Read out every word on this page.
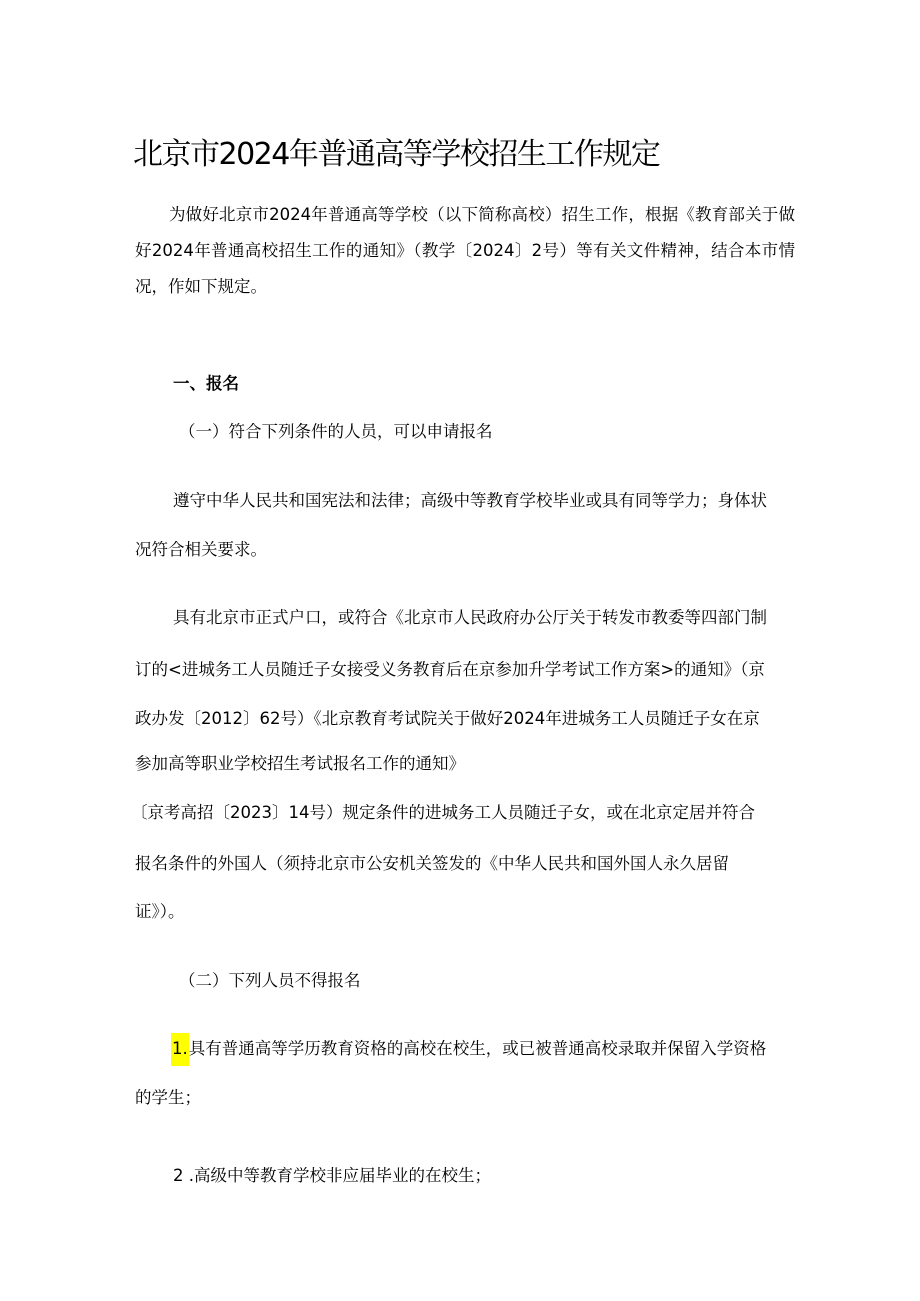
北京市2024年普通高等学校招生工作规定
为做好北京市2024年普通高等学校（以下简称高校）招生工作，根据《教育部关于做好2024年普通高校招生工作的通知》（教学〔2024〕2号）等有关文件精神，结合本市情况，作如下规定。
一、报名
（一）符合下列条件的人员，可以申请报名
遵守中华人民共和国宪法和法律；高级中等教育学校毕业或具有同等学力；身体状
况符合相关要求。
具有北京市正式户口，或符合《北京市人民政府办公厅关于转发市教委等四部门制
订的<进城务工人员随迁子女接受义务教育后在京参加升学考试工作方案>的通知》（京
政办发〔2012〕62号）《北京教育考试院关于做好2024年进城务工人员随迁子女在京
参加高等职业学校招生考试报名工作的通知》
〔京考高招〔2023〕14号）规定条件的进城务工人员随迁子女，或在北京定居并符合
报名条件的外国人（须持北京市公安机关签发的《中华人民共和国外国人永久居留
证》）。
（二）下列人员不得报名
1.具有普通高等学历教育资格的高校在校生，或已被普通高校录取并保留入学资格
的学生；
2 .高级中等教育学校非应届毕业的在校生；
